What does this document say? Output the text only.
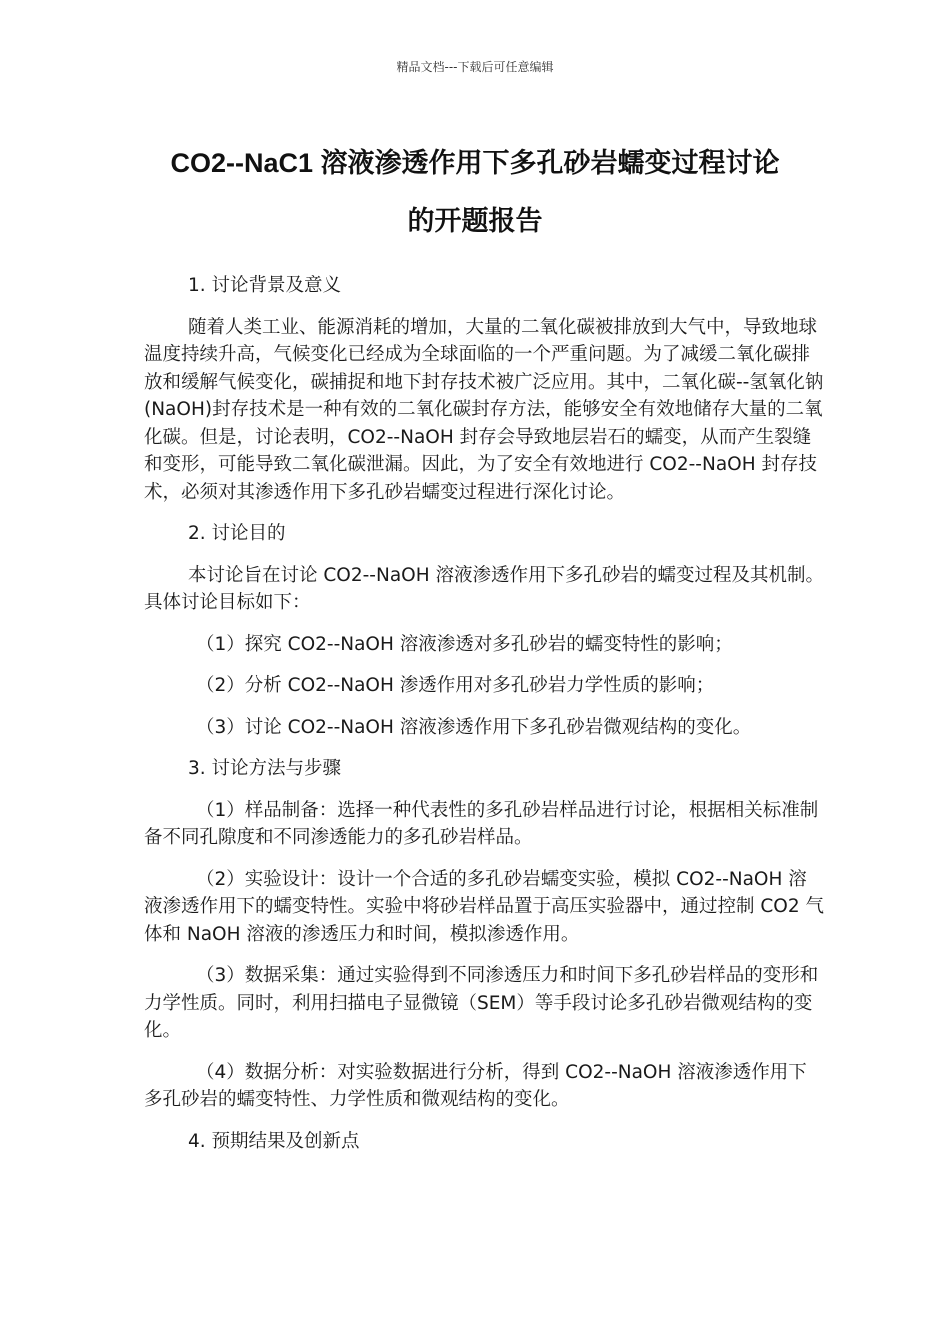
精品文档---下载后可任意编辑
CO2--NaC1 溶液渗透作用下多孔砂岩蠕变过程讨论
的开题报告

1. 讨论背景及意义

随着人类工业、能源消耗的增加，大量的二氧化碳被排放到大气中，导致地球温度持续升高，气候变化已经成为全球面临的一个严重问题。为了减缓二氧化碳排放和缓解气候变化，碳捕捉和地下封存技术被广泛应用。其中，二氧化碳--氢氧化钠(NaOH)封存技术是一种有效的二氧化碳封存方法，能够安全有效地储存大量的二氧化碳。但是，讨论表明，CO2--NaOH 封存会导致地层岩石的蠕变，从而产生裂缝和变形，可能导致二氧化碳泄漏。因此，为了安全有效地进行 CO2--NaOH 封存技术，必须对其渗透作用下多孔砂岩蠕变过程进行深化讨论。

2. 讨论目的

本讨论旨在讨论 CO2--NaOH 溶液渗透作用下多孔砂岩的蠕变过程及其机制。具体讨论目标如下：

（1）探究 CO2--NaOH 溶液渗透对多孔砂岩的蠕变特性的影响；

（2）分析 CO2--NaOH 渗透作用对多孔砂岩力学性质的影响；

（3）讨论 CO2--NaOH 溶液渗透作用下多孔砂岩微观结构的变化。

3. 讨论方法与步骤

（1）样品制备：选择一种代表性的多孔砂岩样品进行讨论，根据相关标准制备不同孔隙度和不同渗透能力的多孔砂岩样品。

（2）实验设计：设计一个合适的多孔砂岩蠕变实验，模拟 CO2--NaOH 溶液渗透作用下的蠕变特性。实验中将砂岩样品置于高压实验器中，通过控制 CO2 气体和 NaOH 溶液的渗透压力和时间，模拟渗透作用。

（3）数据采集：通过实验得到不同渗透压力和时间下多孔砂岩样品的变形和力学性质。同时，利用扫描电子显微镜（SEM）等手段讨论多孔砂岩微观结构的变化。

（4）数据分析：对实验数据进行分析，得到 CO2--NaOH 溶液渗透作用下多孔砂岩的蠕变特性、力学性质和微观结构的变化。

4. 预期结果及创新点
